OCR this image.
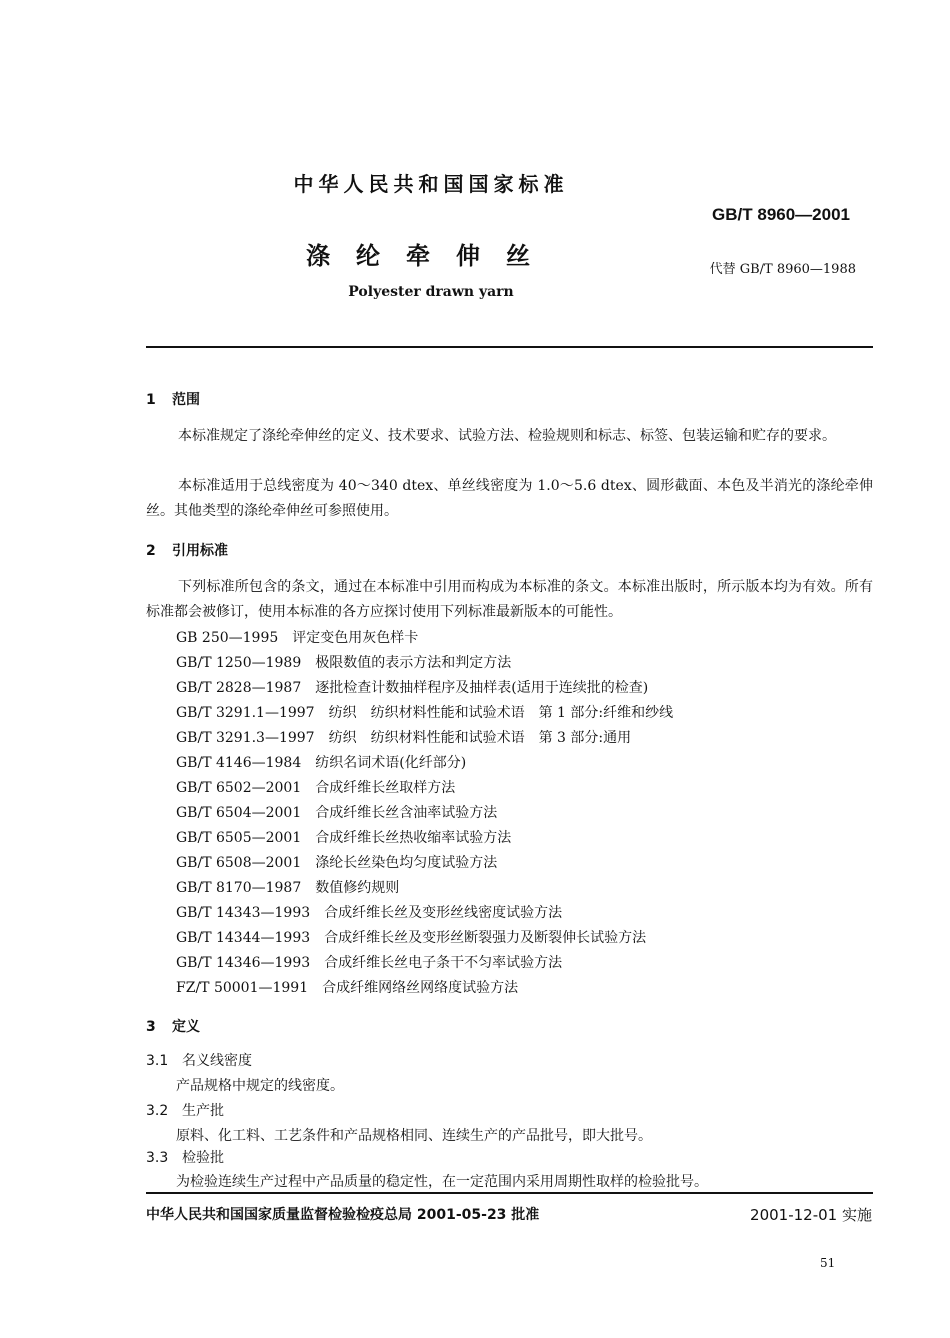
中华人民共和国国家标准
GB/T 8960—2001
涤纶牵伸丝	代替 GB/T 8960—1988
Polyester drawn yarn
1 范围
本标准规定了涤纶牵伸丝的定义、技术要求、试验方法、检验规则和标志、标签、包装运输和贮存的要求。
本标准适用于总线密度为 40～340 dtex、单丝线密度为 1.0～5.6 dtex、圆形截面、本色及半消光的涤纶牵伸丝。其他类型的涤纶牵伸丝可参照使用。
2 引用标准
下列标准所包含的条文，通过在本标准中引用而构成为本标准的条文。本标准出版时，所示版本均为有效。所有标准都会被修订，使用本标准的各方应探讨使用下列标准最新版本的可能性。
GB 250—1995 评定变色用灰色样卡
GB/T 1250—1989 极限数值的表示方法和判定方法
GB/T 2828—1987 逐批检查计数抽样程序及抽样表(适用于连续批的检查)
GB/T 3291.1—1997 纺织　纺织材料性能和试验术语　第 1 部分:纤维和纱线
GB/T 3291.3—1997 纺织　纺织材料性能和试验术语　第 3 部分:通用
GB/T 4146—1984 纺织名词术语(化纤部分)
GB/T 6502—2001 合成纤维长丝取样方法
GB/T 6504—2001 合成纤维长丝含油率试验方法
GB/T 6505—2001 合成纤维长丝热收缩率试验方法
GB/T 6508—2001 涤纶长丝染色均匀度试验方法
GB/T 8170—1987 数值修约规则
GB/T 14343—1993 合成纤维长丝及变形丝线密度试验方法
GB/T 14344—1993 合成纤维长丝及变形丝断裂强力及断裂伸长试验方法
GB/T 14346—1993 合成纤维长丝电子条干不匀率试验方法
FZ/T 50001—1991 合成纤维网络丝网络度试验方法
3 定义
3.1 名义线密度
产品规格中规定的线密度。
3.2 生产批
原料、化工料、工艺条件和产品规格相同、连续生产的产品批号，即大批号。
3.3 检验批
为检验连续生产过程中产品质量的稳定性，在一定范围内采用周期性取样的检验批号。
中华人民共和国国家质量监督检验检疫总局 2001-05-23 批准	2001-12-01 实施
51
